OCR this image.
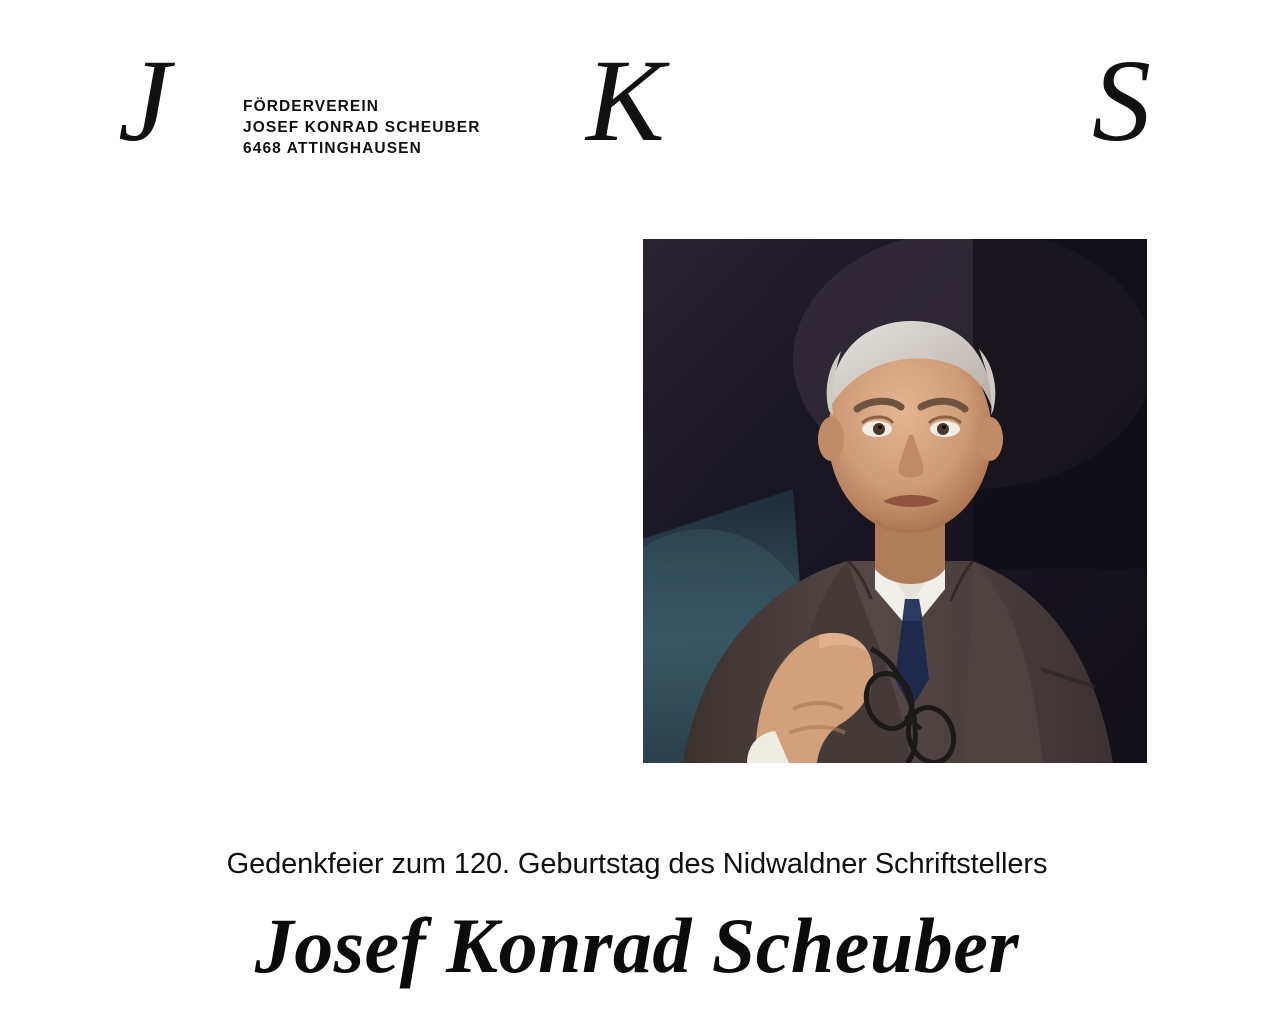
J	K	S
FÖRDERVEREIN
JOSEF KONRAD SCHEUBER
6468 ATTINGHAUSEN
Gedenkfeier zum 120. Geburtstag des Nidwaldner Schriftstellers
Josef Konrad Scheuber
